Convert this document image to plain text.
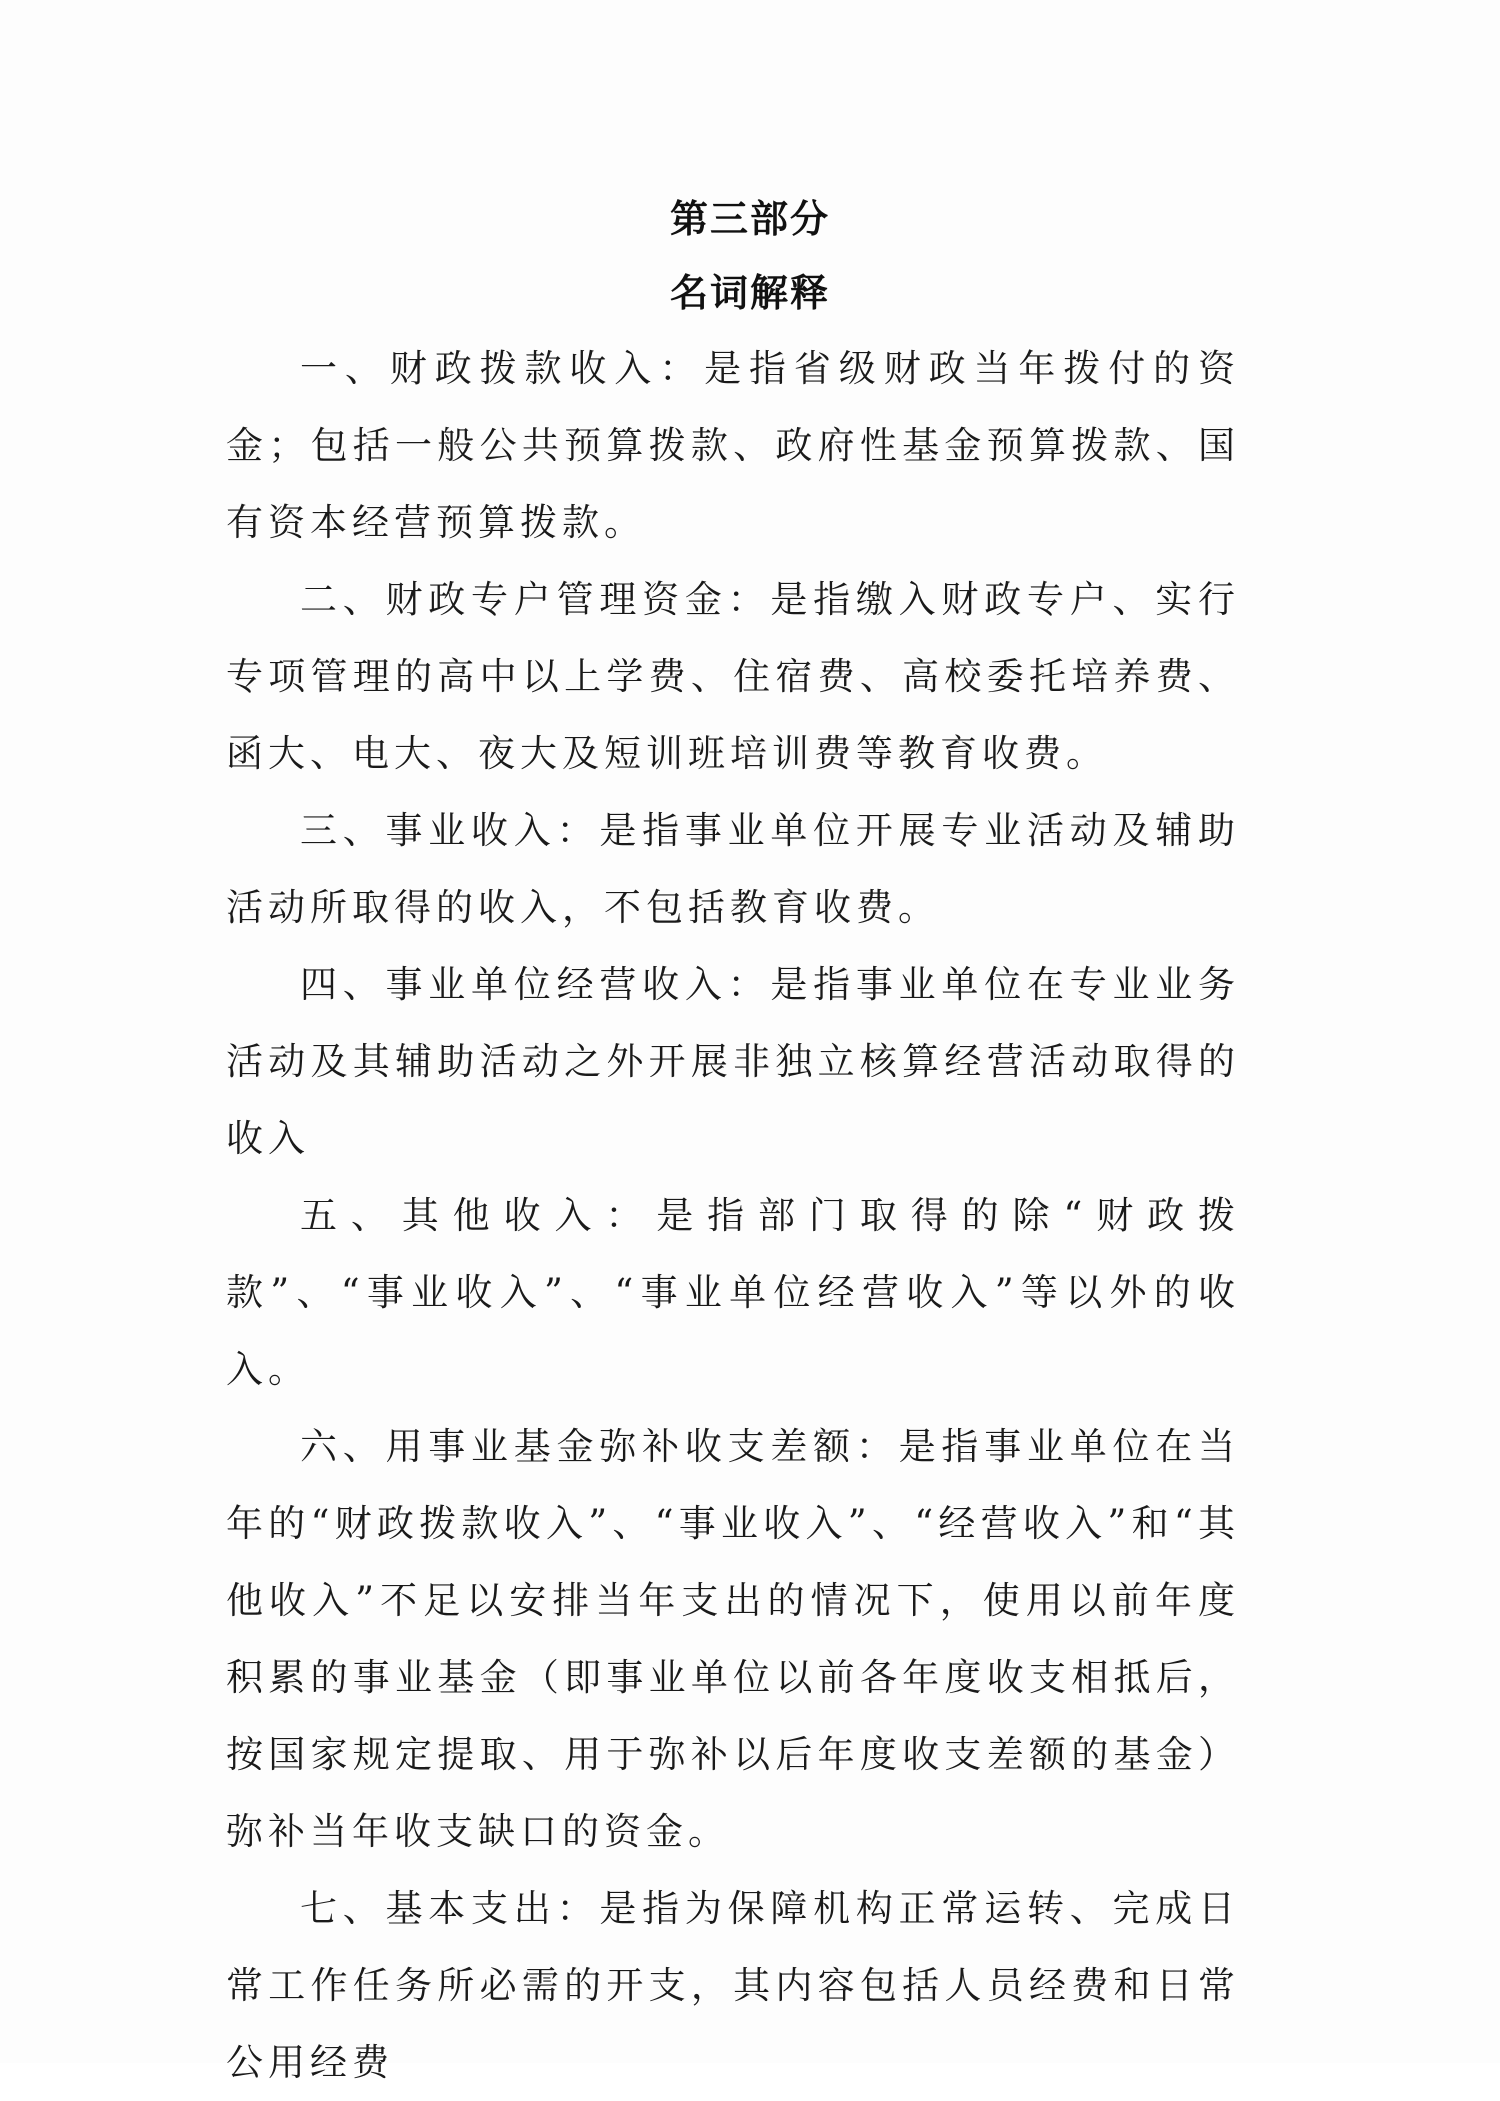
第三部分
名词解释

一、财政拨款收入：是指省级财政当年拨付的资金；包括一般公共预算拨款、政府性基金预算拨款、国有资本经营预算拨款。

二、财政专户管理资金：是指缴入财政专户、实行专项管理的高中以上学费、住宿费、高校委托培养费、函大、电大、夜大及短训班培训费等教育收费。

三、事业收入：是指事业单位开展专业活动及辅助活动所取得的收入，不包括教育收费。

四、事业单位经营收入：是指事业单位在专业业务活动及其辅助活动之外开展非独立核算经营活动取得的收入

五、其他收入：是指部门取得的除“财政拨款”、“事业收入”、“事业单位经营收入”等以外的收入。

六、用事业基金弥补收支差额：是指事业单位在当年的“财政拨款收入”、“事业收入”、“经营收入”和“其他收入”不足以安排当年支出的情况下，使用以前年度积累的事业基金（即事业单位以前各年度收支相抵后，按国家规定提取、用于弥补以后年度收支差额的基金）弥补当年收支缺口的资金。

七、基本支出：是指为保障机构正常运转、完成日常工作任务所必需的开支，其内容包括人员经费和日常公用经费
